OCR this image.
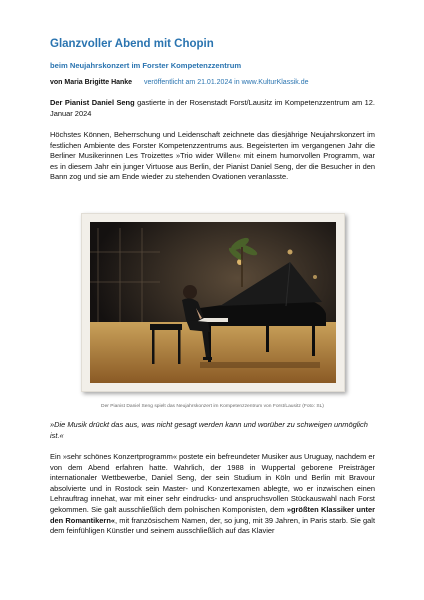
Glanzvoller Abend mit Chopin
beim Neujahrskonzert im Forster Kompetenzzentrum
von Maria Brigitte Hanke veröffentlicht am 21.01.2024 in www.KulturKlassik.de
Der Pianist Daniel Seng gastierte in der Rosenstadt Forst/Lausitz im Kompetenzzentrum am 12. Januar 2024
Höchstes Können, Beherrschung und Leidenschaft zeichnete das diesjährige Neujahrskonzert im festlichen Ambiente des Forster Kompetenzzentrums aus. Begeisterten im vergangenen Jahr die Berliner Musikerinnen Les Troizettes »Trio wider Willen« mit einem humorvollen Programm, war es in diesem Jahr ein junger Virtuose aus Berlin, der Pianist Daniel Seng, der die Besucher in den Bann zog und sie am Ende wieder zu stehenden Ovationen veranlasste.
Der Pianist Daniel Seng spielt das Neujahrskonzert im Kompetenzzentrum von Forst/Lausitz (Foto: SL)
»Die Musik drückt das aus, was nicht gesagt werden kann und worüber zu schweigen unmöglich ist.«
Ein »sehr schönes Konzertprogramm« postete ein befreundeter Musiker aus Uruguay, nachdem er von dem Abend erfahren hatte. Wahrlich, der 1988 in Wuppertal geborene Preisträger internationaler Wettbewerbe, Daniel Seng, der sein Studium in Köln und Berlin mit Bravour absolvierte und in Rostock sein Master- und Konzertexamen ablegte, wo er inzwischen einen Lehrauftrag innehat, war mit einer sehr eindrucks- und anspruchsvollen Stückauswahl nach Forst gekommen. Sie galt ausschließlich dem polnischen Komponisten, dem »größten Klassiker unter den Romantikern«, mit französischem Namen, der, so jung, mit 39 Jahren, in Paris starb. Sie galt dem feinfühligen Künstler und seinem ausschließlich auf das Klavier
